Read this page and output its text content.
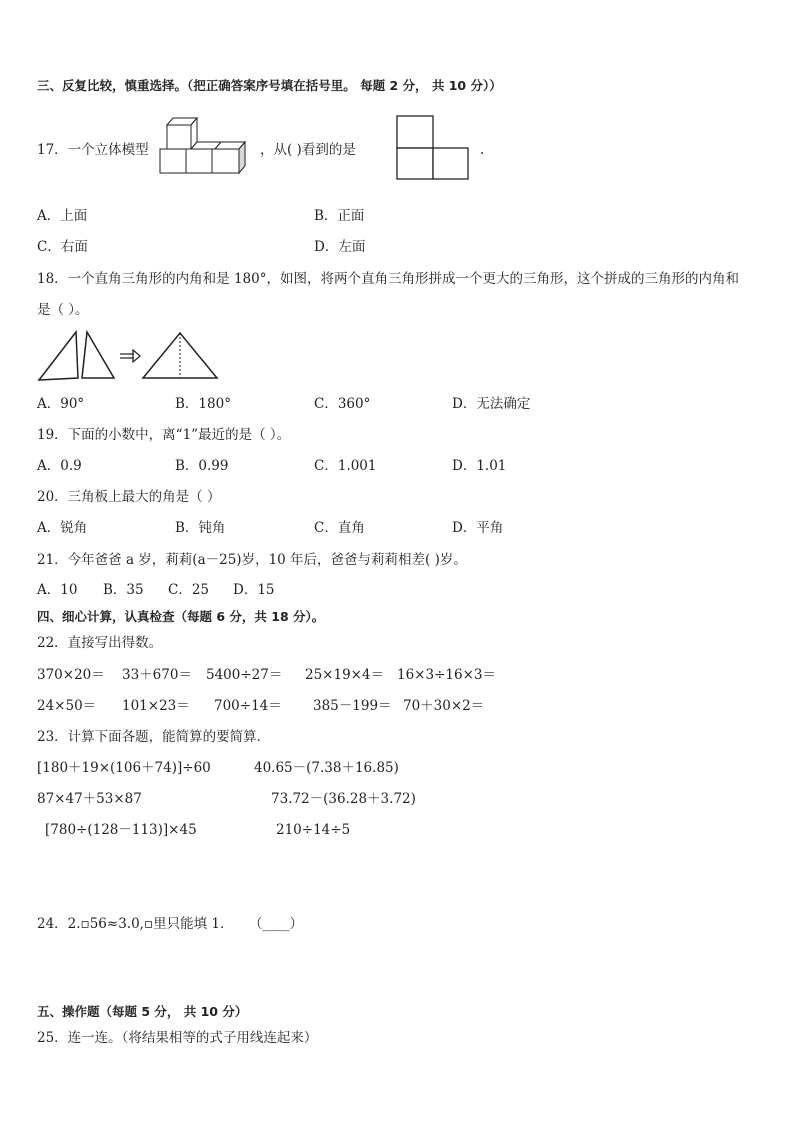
三、反复比较，慎重选择。（把正确答案序号填在括号里。 每题 2 分， 共 10 分））
17．一个立体模型	，从( )看到的是	.
A．上面	B．正面
C．右面	D．左面
18．一个直角三角形的内角和是 180°，如图，将两个直角三角形拼成一个更大的三角形，这个拼成的三角形的内角和
是（ ）。
A．90°	B．180°	C．360°	D．无法确定
19．下面的小数中，离“1”最近的是（ ）。
A．0.9	B．0.99	C．1.001	D．1.01
20．三角板上最大的角是（ ）
A．锐角	B．钝角	C．直角	D．平角
21．今年爸爸 a 岁，莉莉(a－25)岁，10 年后，爸爸与莉莉相差( )岁。
A．10 B．35 C．25 D．15
四、细心计算，认真检查（每题 6 分，共 18 分）。
22．直接写出得数。
370×20＝ 33＋670＝ 5400÷27＝ 25×19×4＝ 16×3÷16×3＝
24×50＝ 101×23＝ 700÷14＝ 385－199＝ 70＋30×2＝
23．计算下面各题，能简算的要简算．
[180＋19×(106＋74)]÷60	40.65－(7.38＋16.85)
87×47＋53×87	73.72－(36.28＋3.72)
[780÷(128－113)]×45	210÷14÷5
24．2.▫56≈3.0,▫里只能填 1． （____）
五、操作题（每题 5 分， 共 10 分）
25．连一连。（将结果相等的式子用线连起来）
